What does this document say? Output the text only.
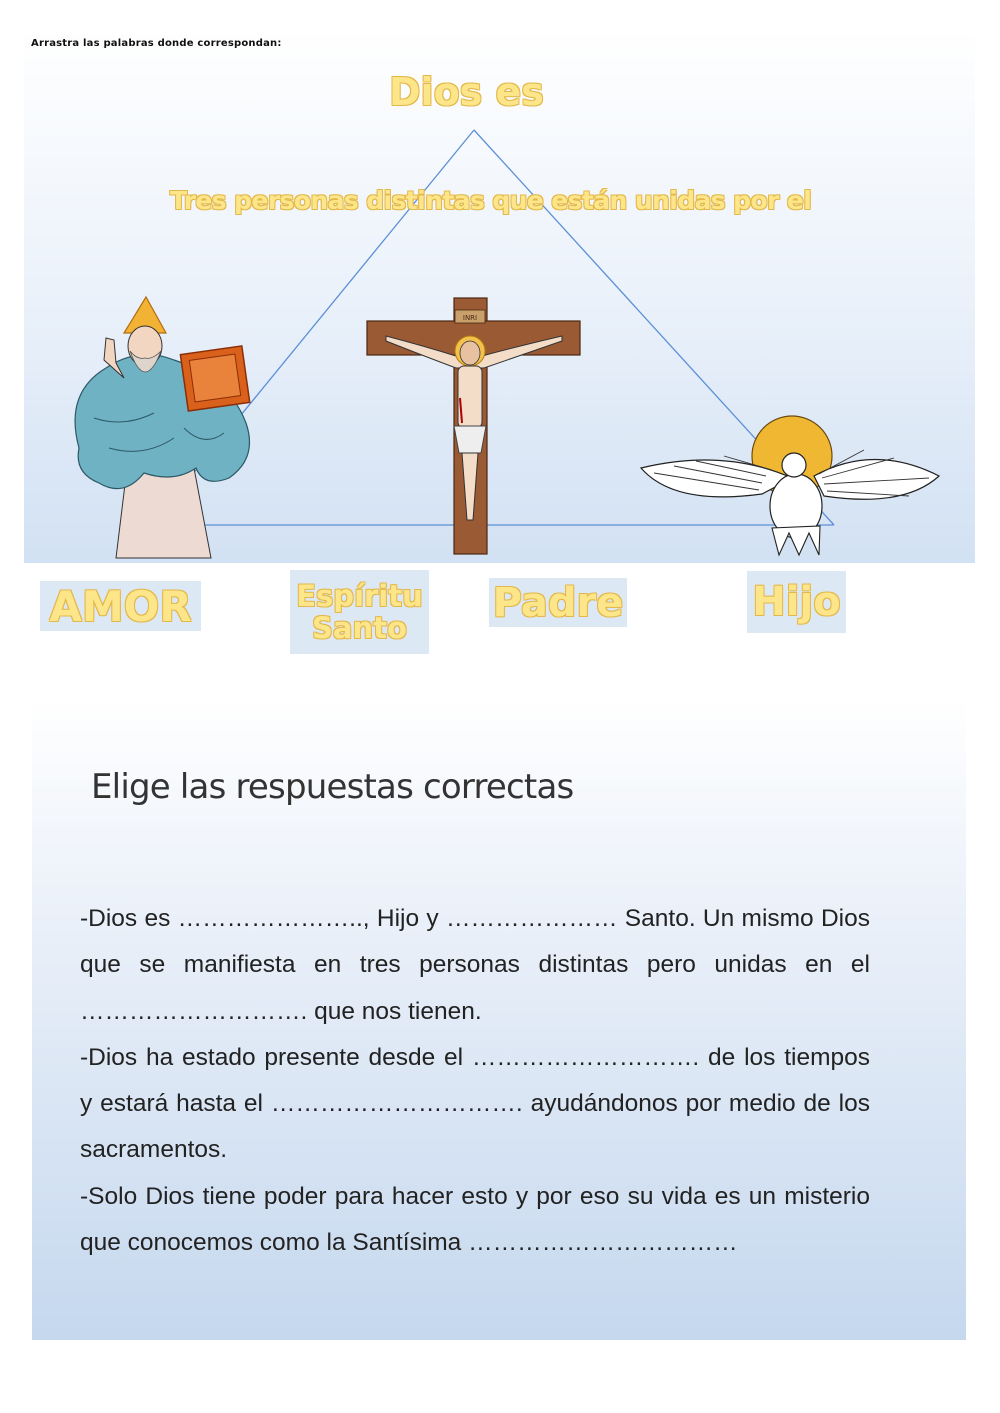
Arrastra las palabras donde correspondan:
INRI
Dios es
Tres personas distintas que están unidas por el
AMOR	Espíritu
Santo
Padre	Hijo
Elige las respuestas correctas

-Dios es ………………….., Hijo y ………………… Santo. Un mismo Dios que se manifiesta en tres personas distintas pero unidas en el ………………………. que nos tienen.

-Dios ha estado presente desde el ………………………. de los tiempos y estará hasta el …………………………. ayudándonos por medio de los sacramentos.

-Solo Dios tiene poder para hacer esto y por eso su vida es un misterio que conocemos como la Santísima ……………………………
